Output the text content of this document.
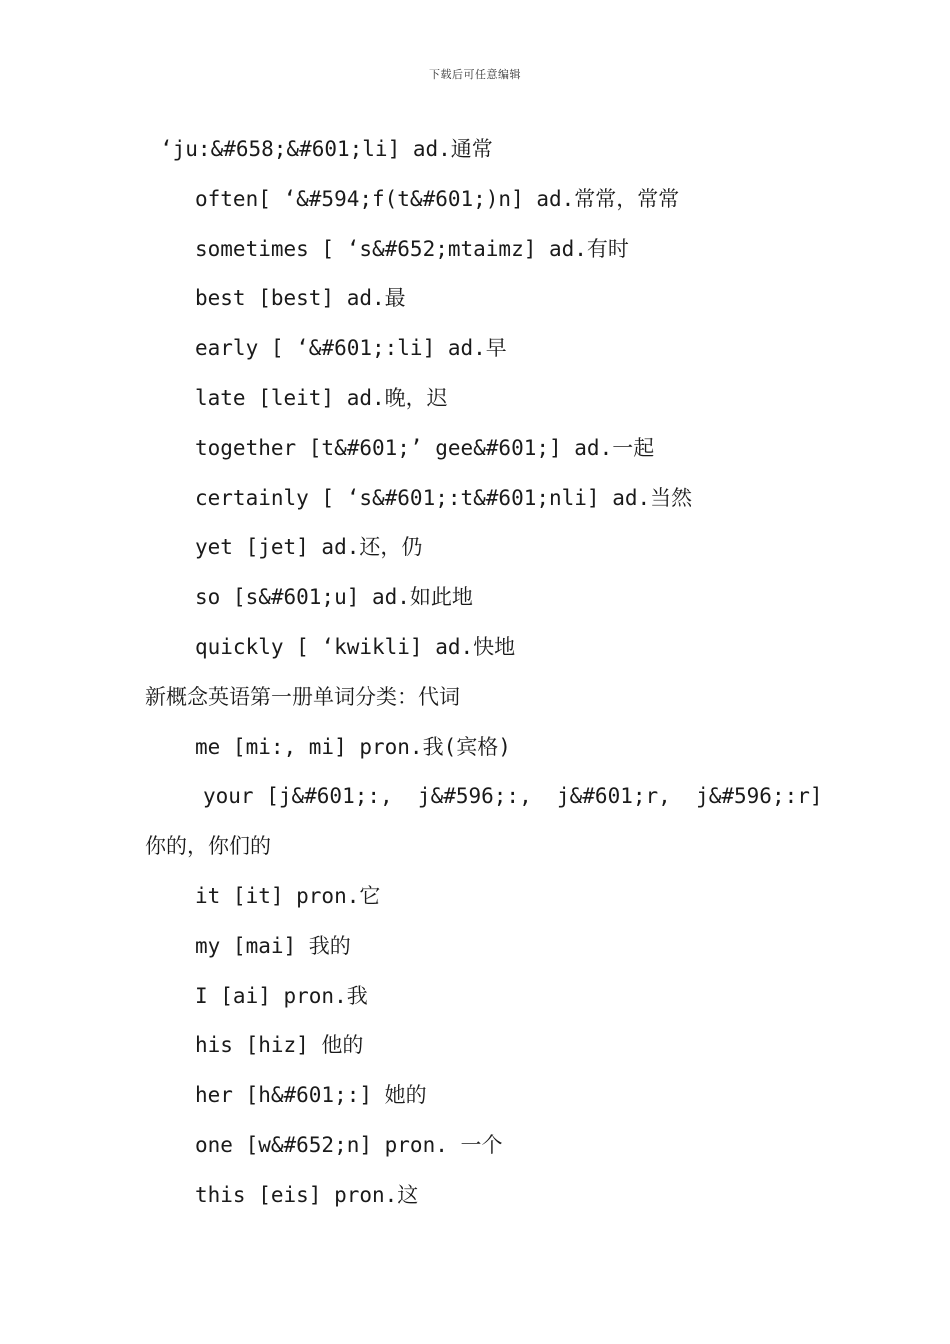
下载后可任意编辑
‘ju:&#658;&#601;li] ad.通常
often[ ‘&#594;f(t&#601;)n] ad.常常，常常
sometimes [ ‘s&#652;mtaimz] ad.有时
best [best] ad.最
early [ ‘&#601;:li] ad.早
late [leit] ad.晚，迟
together [t&#601;’ gee&#601;] ad.一起
certainly [ ‘s&#601;:t&#601;nli] ad.当然
yet [jet] ad.还，仍
so [s&#601;u] ad.如此地
quickly [ ‘kwikli] ad.快地
新概念英语第一册单词分类：代词
me [mi:, mi] pron.我(宾格)
your [j&#601;:,  j&#596;:,  j&#601;r,  j&#596;:r]
你的，你们的
it [it] pron.它
my [mai] 我的
I [ai] pron.我
his [hiz] 他的
her [h&#601;:] 她的
one [w&#652;n] pron. 一个
this [eis] pron.这
